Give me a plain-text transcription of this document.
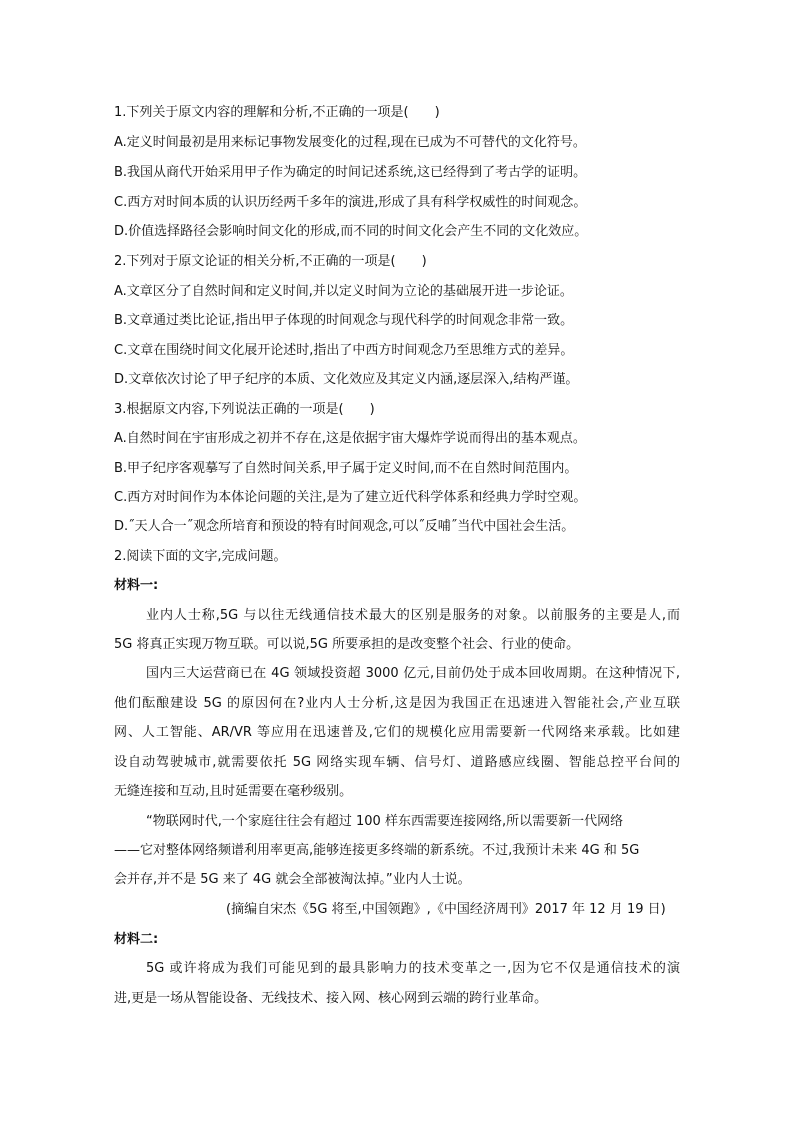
1.下列关于原文内容的理解和分析,不正确的一项是(　　)
A.定义时间最初是用来标记事物发展变化的过程,现在已成为不可替代的文化符号。
B.我国从商代开始采用甲子作为确定的时间记述系统,这已经得到了考古学的证明。
C.西方对时间本质的认识历经两千多年的演进,形成了具有科学权威性的时间观念。
D.价值选择路径会影响时间文化的形成,而不同的时间文化会产生不同的文化效应。
2.下列对于原文论证的相关分析,不正确的一项是(　　)
A.文章区分了自然时间和定义时间,并以定义时间为立论的基础展开进一步论证。
B.文章通过类比论证,指出甲子体现的时间观念与现代科学的时间观念非常一致。
C.文章在围绕时间文化展开论述时,指出了中西方时间观念乃至思维方式的差异。
D.文章依次讨论了甲子纪序的本质、文化效应及其定义内涵,逐层深入,结构严谨。
3.根据原文内容,下列说法正确的一项是(　　)
A.自然时间在宇宙形成之初并不存在,这是依据宇宙大爆炸学说而得出的基本观点。
B.甲子纪序客观摹写了自然时间关系,甲子属于定义时间,而不在自然时间范围内。
C.西方对时间作为本体论问题的关注,是为了建立近代科学体系和经典力学时空观。
D.˝天人合一˝观念所培育和预设的特有时间观念,可以˝反哺˝当代中国社会生活。
2.阅读下面的文字,完成问题。
材料一:
业内人士称,5G 与以往无线通信技术最大的区别是服务的对象。以前服务的主要是人,而
5G 将真正实现万物互联。可以说,5G 所要承担的是改变整个社会、行业的使命。
国内三大运营商已在 4G 领域投资超 3000 亿元,目前仍处于成本回收周期。在这种情况下,
他们酝酿建设 5G 的原因何在?业内人士分析,这是因为我国正在迅速进入智能社会,产业互联
网、人工智能、AR/VR 等应用在迅速普及,它们的规模化应用需要新一代网络来承载。比如建
设自动驾驶城市,就需要依托 5G 网络实现车辆、信号灯、道路感应线圈、智能总控平台间的
无缝连接和互动,且时延需要在毫秒级别。
“物联网时代,一个家庭往往会有超过 100 样东西需要连接网络,所以需要新一代网络
——它对整体网络频谱利用率更高,能够连接更多终端的新系统。不过,我预计未来 4G 和 5G
会并存,并不是 5G 来了 4G 就会全部被淘汰掉。”业内人士说。
(摘编自宋杰《5G 将至,中国领跑》,《中国经济周刊》2017 年 12 月 19 日)
材料二:
5G 或许将成为我们可能见到的最具影响力的技术变革之一,因为它不仅是通信技术的演
进,更是一场从智能设备、无线技术、接入网、核心网到云端的跨行业革命。
